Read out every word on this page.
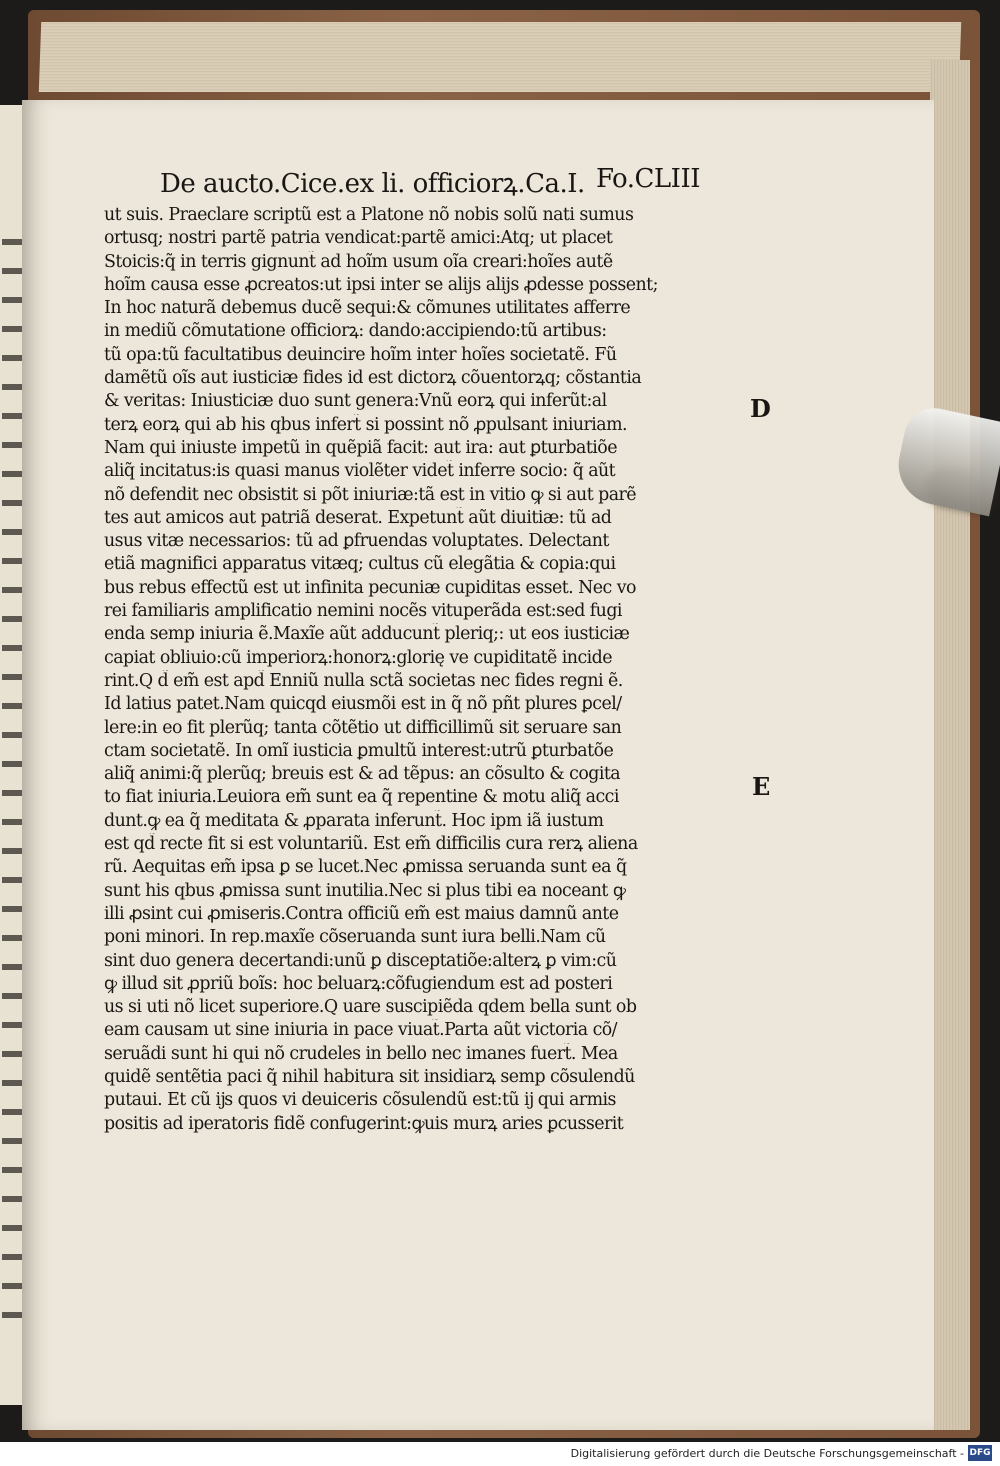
De aucto.Cice.ex li. officiorꝝ.Ca.I. Fo.CLIII
ut suis. Praeclare scriptũ est a Platone nõ nobis solũ nati sumus
ortusq; nostri partẽ patria vendicat:partẽ amici:Atq; ut placet
Stoicis:q̃ in terris gignunt̃ ad hoĩm usum oĩa creari:hoĩes autẽ
hoĩm causa esse ꝓcreatos:ut ipsi inter se alijs alijs ꝓdesse possent;
In hoc naturã debemus ducẽ sequi:& cõmunes utilitates afferre
in mediũ cõmutatione officiorꝝ: dando:accipiendo:tũ artibus:
tũ opa:tũ facultatibus deuincire hoĩm inter hoĩes societatẽ. Fũ
damẽtũ oĩs aut iusticiæ fides id est dictorꝝ cõuentorꝝq; cõstantia
& veritas: Iniusticiæ duo sunt genera:Vnũ eorꝝ qui inferũt:al
terꝝ eorꝝ qui ab his qbus infert̃ si possint nõ ꝓpulsant iniuriam.
Nam qui iniuste impetũ in quẽpiã facit: aut ira: aut ꝑturbatiõe
aliq̃ incitatus:is quasi manus violẽter videt̃ inferre socio: q̃ aũt
nõ defendit nec obsistit si põt iniuriæ:tã est in vitio ꝙ si aut parẽ
tes aut amicos aut patriã deserat. Expetunt̃ aũt diuitiæ: tũ ad
usus vitæ necessarios: tũ ad ꝑfruendas voluptates. Delectant
etiã magnifici apparatus vitæq; cultus cũ elegãtia & copia:qui
bus rebus effectũ est ut infinita pecuniæ cupiditas esset. Nec vo
rei familiaris amplificatio nemini nocẽs vituperãda est:sed fugi
enda semp iniuria ẽ.Maxĩe aũt adducunt̃ pleriq;: ut eos iusticiæ
capiat obliuio:cũ imperiorꝝ:honorꝝ:glorię ve cupiditatẽ incide
rint.Q d̃ em̃ est apd̃ Enniũ nulla sctã societas nec fides regni ẽ.
Id latius patet.Nam quicqd eiusmõi est in q̃ nõ pñt plures ꝑcel/
lere:in eo fit plerũq; tanta cõtẽtio ut difficillimũ sit seruare san
ctam societatẽ. In omĩ iusticia ꝑmultũ interest:utrũ ꝑturbatõe
aliq̃ animi:q̃ plerũq; breuis est & ad tẽpus: an cõsulto & cogita
to fiat iniuria.Leuiora em̃ sunt ea q̃ repentine & motu aliq̃ acci
dunt.ꝙ ea q̃ meditata & ꝓparata inferunt̃. Hoc ipm iã iustum
est qd̃ recte fit si est voluntariũ. Est em̃ difficilis cura rerꝝ aliena
rũ. Aequitas em̃ ipsa ꝑ se lucet.Nec ꝓmissa seruanda sunt ea q̃
sunt his qbus ꝓmissa sunt inutilia.Nec si plus tibi ea noceant ꝙ
illi ꝓsint cui ꝓmiseris.Contra officiũ em̃ est maius damnũ ante
poni minori. In rep.maxĩe cõseruanda sunt iura belli.Nam cũ
sint duo genera decertandi:unũ ꝑ disceptatiõe:alterꝝ ꝑ vim:cũ
ꝙ illud sit ꝓpriũ boĩs: hoc beluarꝝ:cõfugiendum est ad posteri
us si uti nõ licet superiore.Q uare suscipiẽda qdem bella sunt ob
eam causam ut sine iniuria in pace viuat̃.Parta aũt victoria cõ/
seruãdi sunt hi qui nõ crudeles in bello nec imanes fuert̃. Mea
quidẽ sentẽtia paci q̃ nihil habitura sit insidiarꝝ semp cõsulendũ
putaui. Et cũ ĳs quos vi deuiceris cõsulendũ est:tũ ĳ qui armis
positis ad iperatoris fidẽ confugerint:ꝙuis murꝝ aries ꝑcusserit
D
E
Digitalisierung gefördert durch die Deutsche Forschungsgemeinschaft - DFG
